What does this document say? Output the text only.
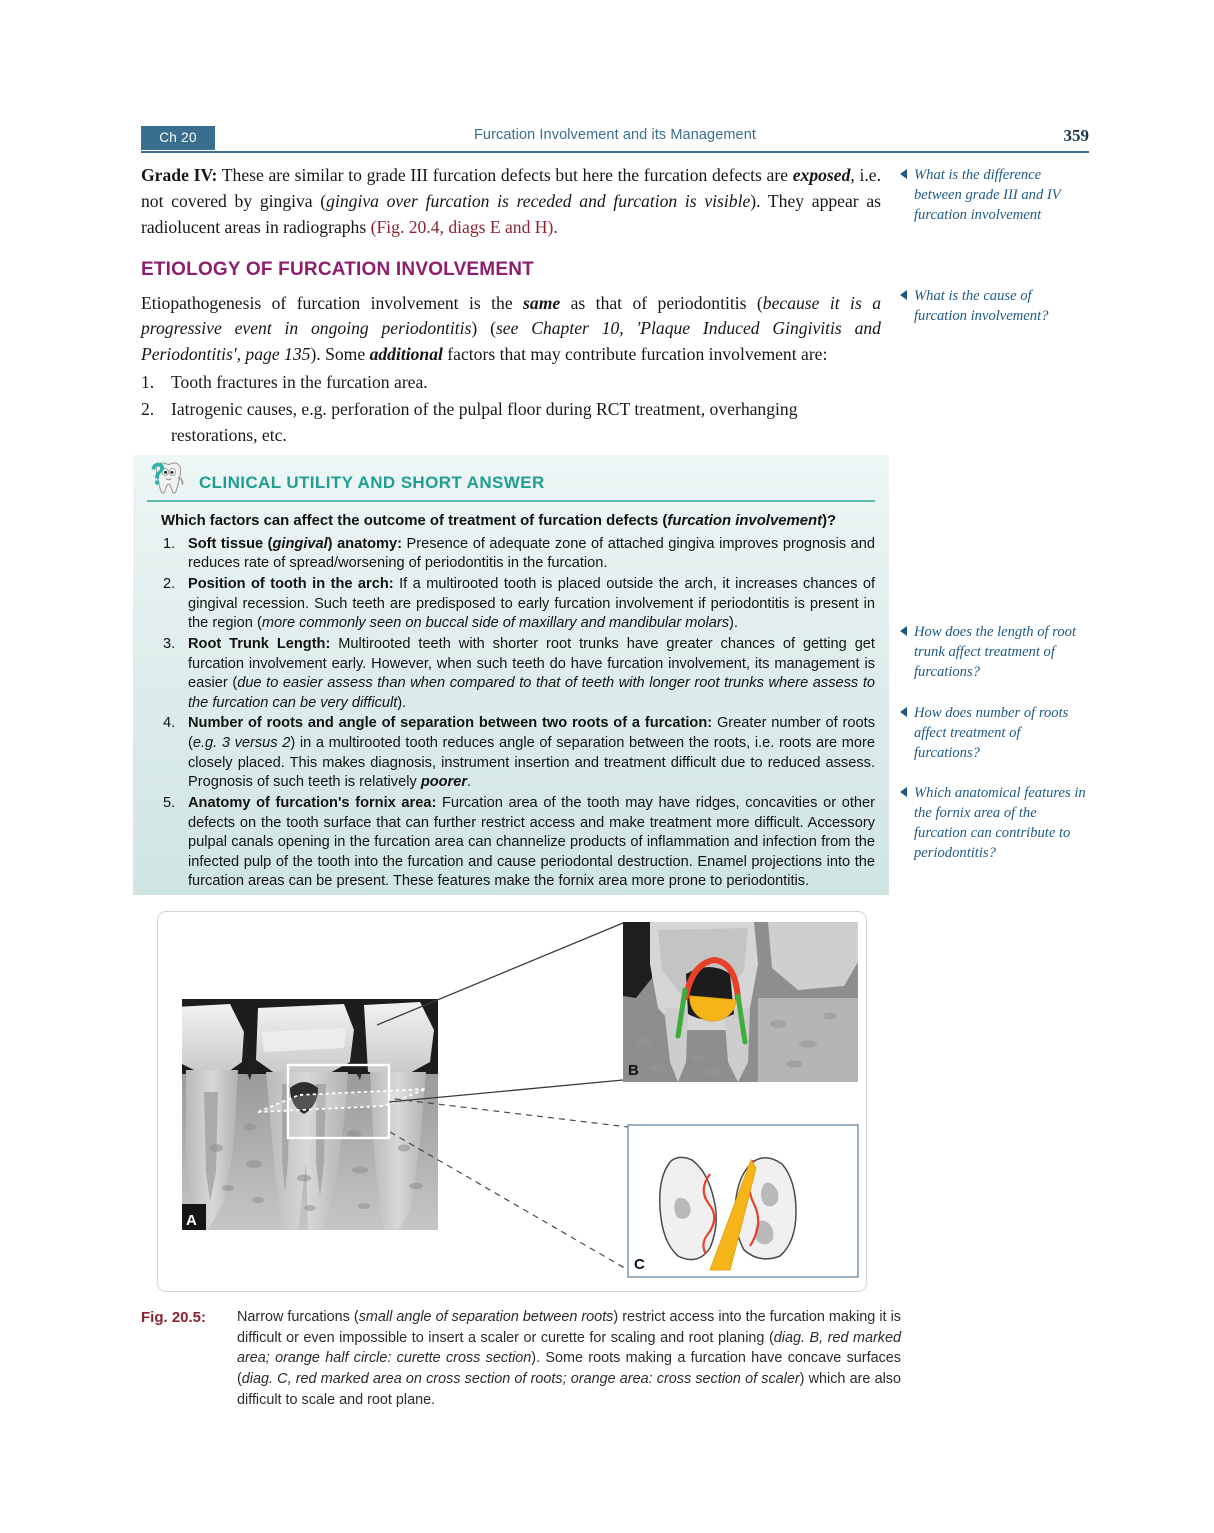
Furcation Involvement and its Management
Ch 20	359

Grade IV: These are similar to grade III furcation defects but here the furcation defects are exposed, i.e. not covered by gingiva (gingiva over furcation is receded and furcation is visible). They appear as radiolucent areas in radiographs (Fig. 20.4, diags E and H).

ETIOLOGY OF FURCATION INVOLVEMENT

Etiopathogenesis of furcation involvement is the same as that of periodontitis (because it is a progressive event in ongoing periodontitis) (see Chapter 10, 'Plaque Induced Gingivitis and Periodontitis', page 135). Some additional factors that may contribute furcation involvement are:

1. Tooth fractures in the furcation area.
2. Iatrogenic causes, e.g. perforation of the pulpal floor during RCT treatment, overhanging restorations, etc.
What is the difference between grade III and IV furcation involvement
What is the cause of furcation involvement?
How does the length of root trunk affect treatment of furcations?
How does number of roots affect treatment of furcations?
Which anatomical features in the fornix area of the furcation can contribute to periodontitis?
CLINICAL UTILITY AND SHORT ANSWER

Which factors can affect the outcome of treatment of furcation defects (furcation involvement)?

1. Soft tissue (gingival) anatomy: Presence of adequate zone of attached gingiva improves prognosis and reduces rate of spread/worsening of periodontitis in the furcation.
2. Position of tooth in the arch: If a multirooted tooth is placed outside the arch, it increases chances of gingival recession. Such teeth are predisposed to early furcation involvement if periodontitis is present in the region (more commonly seen on buccal side of maxillary and mandibular molars).
3. Root Trunk Length: Multirooted teeth with shorter root trunks have greater chances of getting get furcation involvement early. However, when such teeth do have furcation involvement, its management is easier (due to easier assess than when compared to that of teeth with longer root trunks where assess to the furcation can be very difficult).
4. Number of roots and angle of separation between two roots of a furcation: Greater number of roots (e.g. 3 versus 2) in a multirooted tooth reduces angle of separation between the roots, i.e. roots are more closely placed. This makes diagnosis, instrument insertion and treatment difficult due to reduced assess. Prognosis of such teeth is relatively poorer.
5. Anatomy of furcation's fornix area: Furcation area of the tooth may have ridges, concavities or other defects on the tooth surface that can further restrict access and make treatment more difficult. Accessory pulpal canals opening in the furcation area can channelize products of inflammation and infection from the infected pulp of the tooth into the furcation and cause periodontal destruction. Enamel projections into the furcation areas can be present. These features make the fornix area more prone to periodontitis.
A
B
C
Fig. 20.5: Narrow furcations (small angle of separation between roots) restrict access into the furcation making it is difficult or even impossible to insert a scaler or curette for scaling and root planing (diag. B, red marked area; orange half circle: curette cross section). Some roots making a furcation have concave surfaces (diag. C, red marked area on cross section of roots; orange area: cross section of scaler) which are also difficult to scale and root plane.
